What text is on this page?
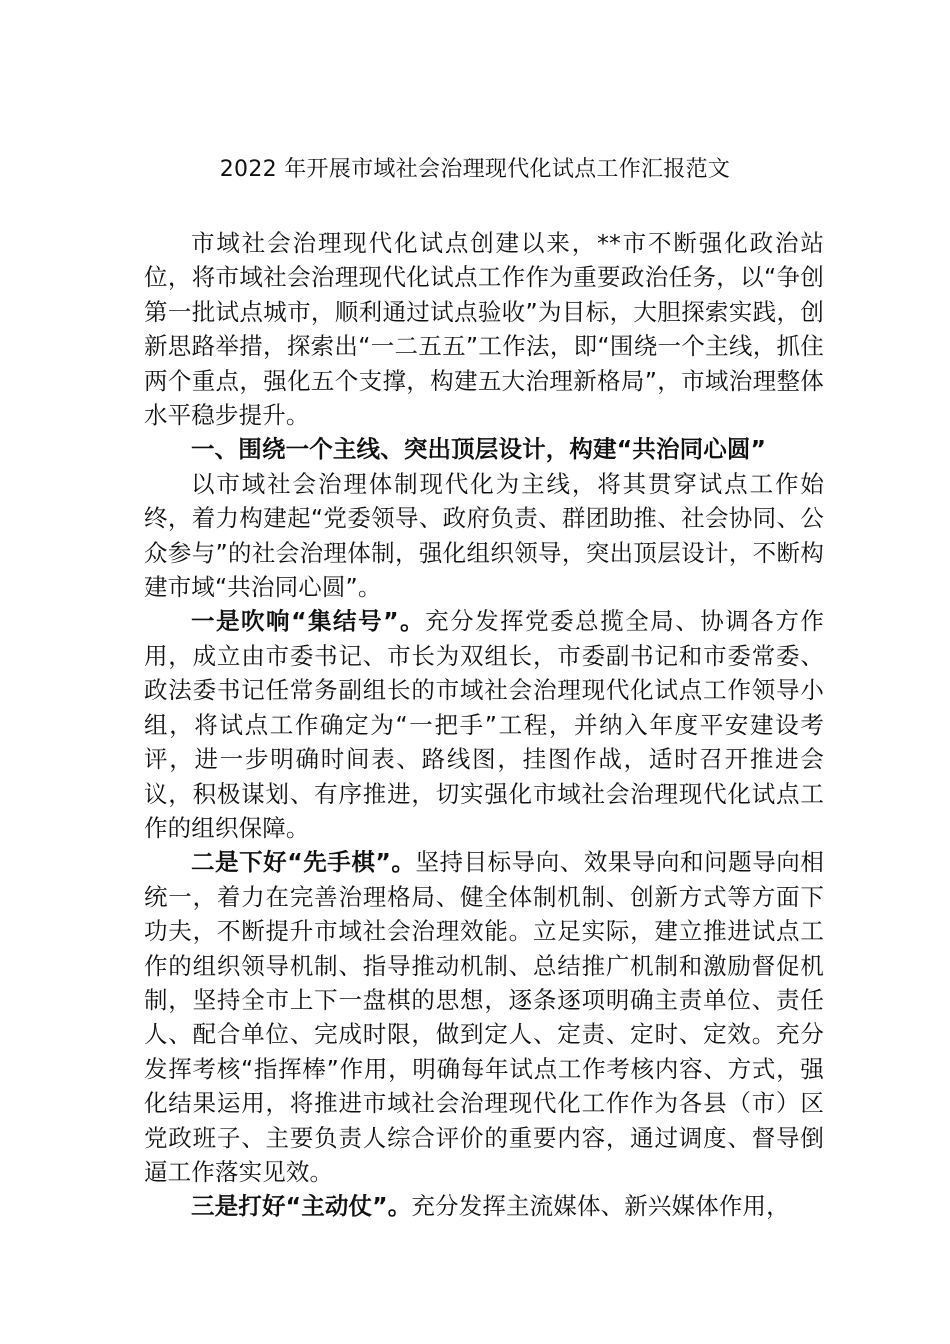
2022 年开展市域社会治理现代化试点工作汇报范文

市域社会治理现代化试点创建以来，**市不断强化政治站位，将市域社会治理现代化试点工作作为重要政治任务，以“争创第一批试点城市，顺利通过试点验收”为目标，大胆探索实践，创新思路举措，探索出“一二五五”工作法，即“围绕一个主线，抓住两个重点，强化五个支撑，构建五大治理新格局”，市域治理整体水平稳步提升。

一、围绕一个主线、突出顶层设计，构建“共治同心圆”

以市域社会治理体制现代化为主线，将其贯穿试点工作始终，着力构建起“党委领导、政府负责、群团助推、社会协同、公众参与”的社会治理体制，强化组织领导，突出顶层设计，不断构建市域“共治同心圆”。

一是吹响“集结号”。充分发挥党委总揽全局、协调各方作用，成立由市委书记、市长为双组长，市委副书记和市委常委、政法委书记任常务副组长的市域社会治理现代化试点工作领导小组，将试点工作确定为“一把手”工程，并纳入年度平安建设考评，进一步明确时间表、路线图，挂图作战，适时召开推进会议，积极谋划、有序推进，切实强化市域社会治理现代化试点工作的组织保障。

二是下好“先手棋”。坚持目标导向、效果导向和问题导向相统一，着力在完善治理格局、健全体制机制、创新方式等方面下功夫，不断提升市域社会治理效能。立足实际，建立推进试点工作的组织领导机制、指导推动机制、总结推广机制和激励督促机制，坚持全市上下一盘棋的思想，逐条逐项明确主责单位、责任人、配合单位、完成时限，做到定人、定责、定时、定效。充分发挥考核“指挥棒”作用，明确每年试点工作考核内容、方式，强化结果运用，将推进市域社会治理现代化工作作为各县（市）区党政班子、主要负责人综合评价的重要内容，通过调度、督导倒逼工作落实见效。

三是打好“主动仗”。充分发挥主流媒体、新兴媒体作用，
